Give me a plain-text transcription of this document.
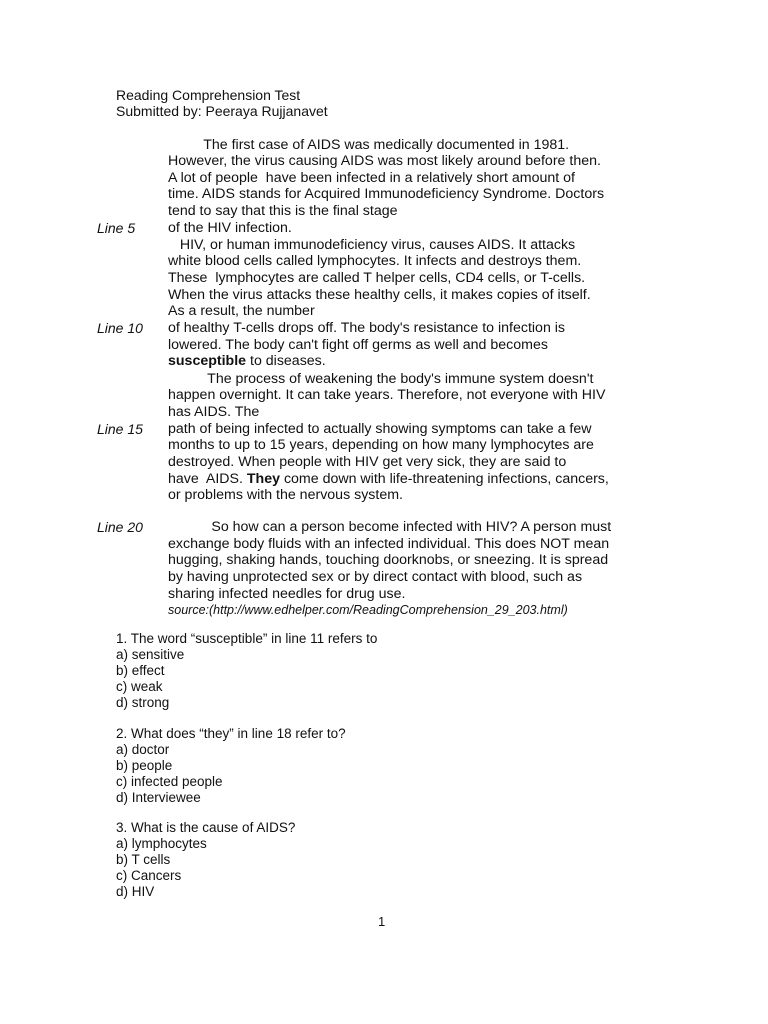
Reading Comprehension Test
Submitted by: Peeraya Rujjanavet
The first case of AIDS was medically documented in 1981.
However, the virus causing AIDS was most likely around before then.
A lot of people  have been infected in a relatively short amount of
time. AIDS stands for Acquired Immunodeficiency Syndrome. Doctors
tend to say that this is the final stage
Line 5 of the HIV infection.
HIV, or human immunodeficiency virus, causes AIDS. It attacks
white blood cells called lymphocytes. It infects and destroys them.
These  lymphocytes are called T helper cells, CD4 cells, or T-cells.
When the virus attacks these healthy cells, it makes copies of itself.
As a result, the number
Line 10 of healthy T-cells drops off. The body's resistance to infection is
lowered. The body can't fight off germs as well and becomes
susceptible to diseases.
The process of weakening the body's immune system doesn't
happen overnight. It can take years. Therefore, not everyone with HIV
has AIDS. The
Line 15 path of being infected to actually showing symptoms can take a few
months to up to 15 years, depending on how many lymphocytes are
destroyed. When people with HIV get very sick, they are said to
have  AIDS. They come down with life-threatening infections, cancers,
or problems with the nervous system.
Line 20 So how can a person become infected with HIV? A person must
exchange body fluids with an infected individual. This does NOT mean
hugging, shaking hands, touching doorknobs, or sneezing. It is spread
by having unprotected sex or by direct contact with blood, such as
sharing infected needles for drug use.
source:(http://www.edhelper.com/ReadingComprehension_29_203.html)
1. The word “susceptible” in line 11 refers to
a) sensitive
b) effect
c) weak
d) strong
2. What does “they” in line 18 refer to?
a) doctor
b) people
c) infected people
d) Interviewee
3. What is the cause of AIDS?
a) lymphocytes
b) T cells
c) Cancers
d) HIV
1
